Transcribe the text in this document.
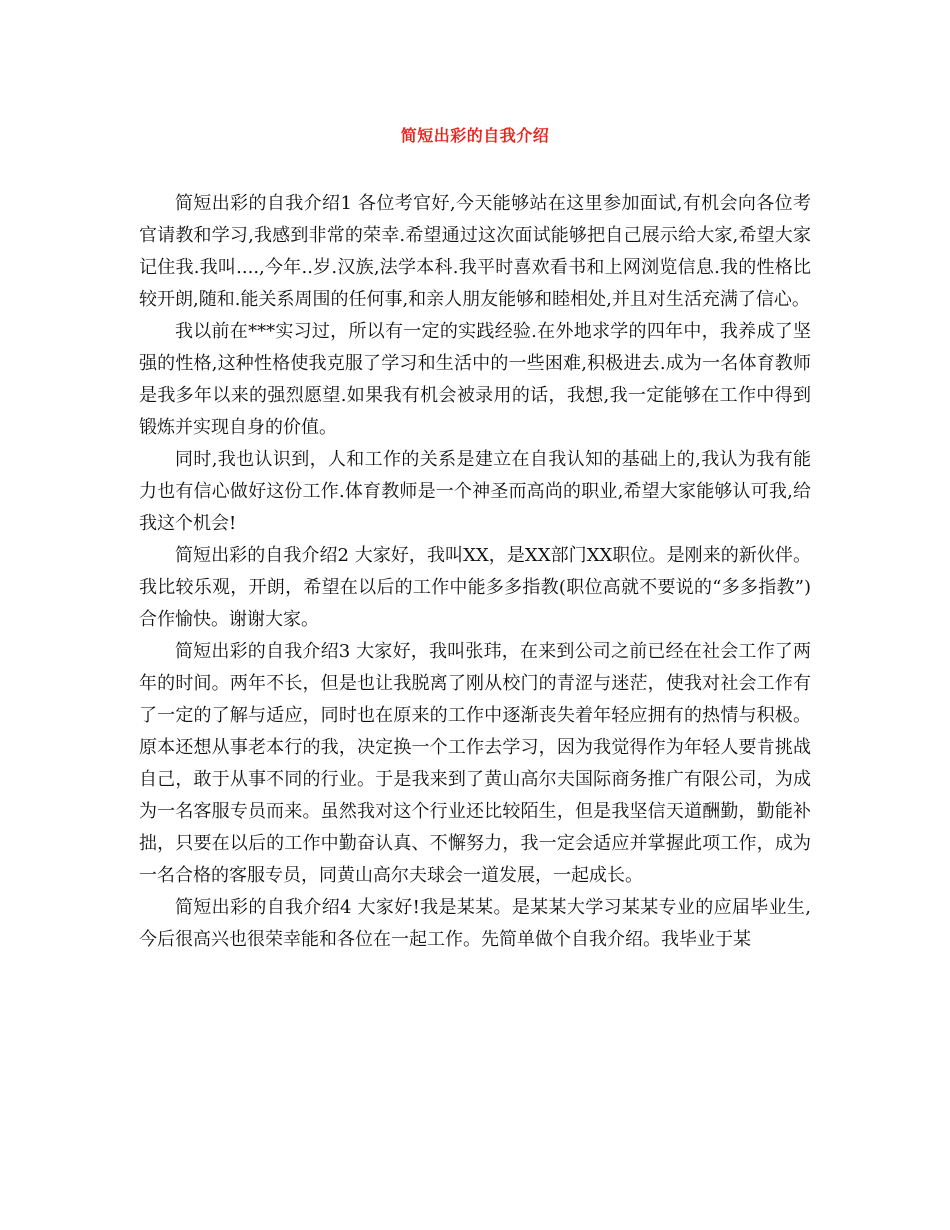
简短出彩的自我介绍

简短出彩的自我介绍1 各位考官好,今天能够站在这里参加面试,有机会向各位考官请教和学习,我感到非常的荣幸.希望通过这次面试能够把自己展示给大家,希望大家记住我.我叫....,今年..岁.汉族,法学本科.我平时喜欢看书和上网浏览信息.我的性格比较开朗,随和.能关系周围的任何事,和亲人朋友能够和睦相处,并且对生活充满了信心。

我以前在***实习过，所以有一定的实践经验.在外地求学的四年中，我养成了坚强的性格,这种性格使我克服了学习和生活中的一些困难,积极进去.成为一名体育教师是我多年以来的强烈愿望.如果我有机会被录用的话，我想,我一定能够在工作中得到锻炼并实现自身的价值。

同时,我也认识到，人和工作的关系是建立在自我认知的基础上的,我认为我有能力也有信心做好这份工作.体育教师是一个神圣而高尚的职业,希望大家能够认可我,给我这个机会!

简短出彩的自我介绍2 大家好，我叫XX，是XX部门XX职位。是刚来的新伙伴。我比较乐观，开朗，希望在以后的工作中能多多指教(职位高就不要说的“多多指教”)合作愉快。谢谢大家。

简短出彩的自我介绍3 大家好，我叫张玮，在来到公司之前已经在社会工作了两年的时间。两年不长，但是也让我脱离了刚从校门的青涩与迷茫，使我对社会工作有了一定的了解与适应，同时也在原来的工作中逐渐丧失着年轻应拥有的热情与积极。原本还想从事老本行的我，决定换一个工作去学习，因为我觉得作为年轻人要肯挑战自己，敢于从事不同的行业。于是我来到了黄山高尔夫国际商务推广有限公司，为成为一名客服专员而来。虽然我对这个行业还比较陌生，但是我坚信天道酬勤，勤能补拙，只要在以后的工作中勤奋认真、不懈努力，我一定会适应并掌握此项工作，成为一名合格的客服专员，同黄山高尔夫球会一道发展，一起成长。

简短出彩的自我介绍4 大家好!我是某某。是某某大学习某某专业的应届毕业生,今后很高兴也很荣幸能和各位在一起工作。先简单做个自我介绍。我毕业于某
